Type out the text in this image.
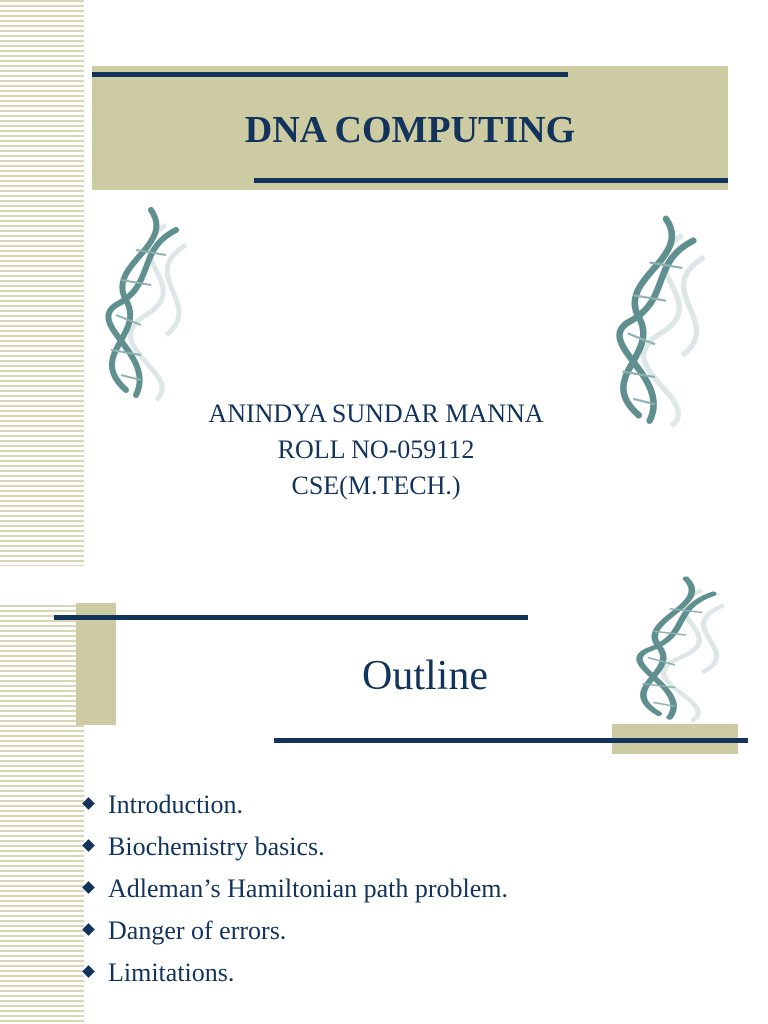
DNA COMPUTING
ANINDYA SUNDAR MANNA
ROLL NO-059112
CSE(M.TECH.)
Outline
Introduction.
Biochemistry basics.
Adleman’s Hamiltonian path problem.
Danger of errors.
Limitations.
